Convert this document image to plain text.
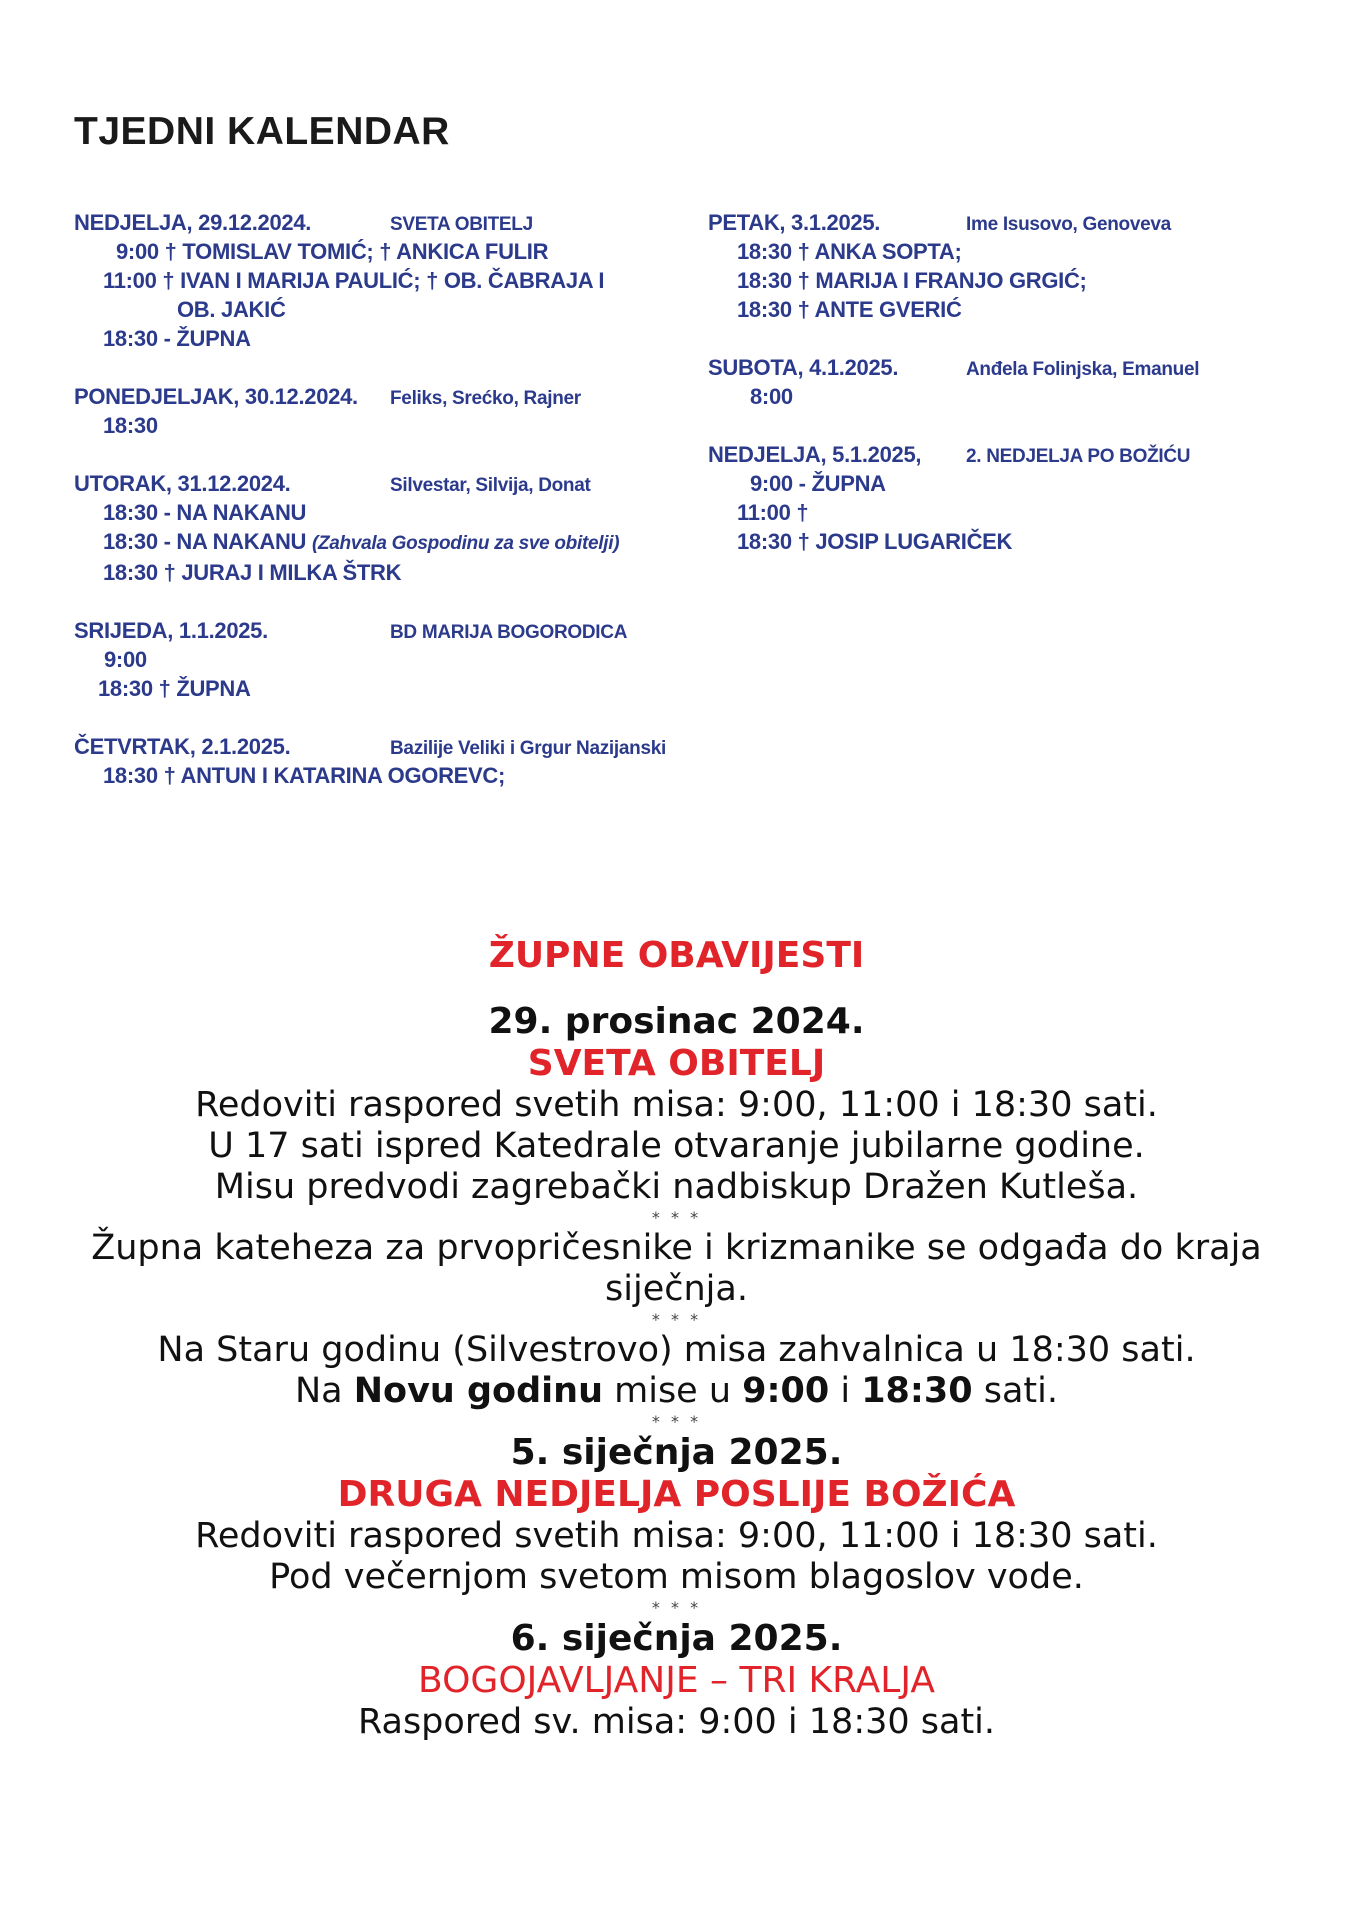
TJEDNI KALENDAR
NEDJELJA, 29.12.2024.	SVETA OBITELJ
9:00 † TOMISLAV TOMIĆ; † ANKICA FULIR
11:00 † IVAN I MARIJA PAULIĆ; † OB. ČABRAJA I
OB. JAKIĆ
18:30 - ŽUPNA
PONEDJELJAK, 30.12.2024. Feliks, Srećko, Rajner
18:30
UTORAK, 31.12.2024.	Silvestar, Silvija, Donat
18:30 - NA NAKANU
18:30 - NA NAKANU (Zahvala Gospodinu za sve obitelji)
18:30 † JURAJ I MILKA ŠTRK
SRIJEDA, 1.1.2025.	BD MARIJA BOGORODICA
9:00
18:30 † ŽUPNA
ČETVRTAK, 2.1.2025.	Bazilije Veliki i Grgur Nazijanski
18:30 † ANTUN I KATARINA OGOREVC;
PETAK, 3.1.2025.	Ime Isusovo, Genoveva
18:30 † ANKA SOPTA;
18:30 † MARIJA I FRANJO GRGIĆ;
18:30 † ANTE GVERIĆ
SUBOTA, 4.1.2025.	Anđela Folinjska, Emanuel
8:00
NEDJELJA, 5.1.2025, 2. NEDJELJA PO BOŽIĆU
9:00 - ŽUPNA
11:00 †
18:30 † JOSIP LUGARIČEK
ŽUPNE OBAVIJESTI
29. prosinac 2024.
SVETA OBITELJ
Redoviti raspored svetih misa: 9:00, 11:00 i 18:30 sati.
U 17 sati ispred Katedrale otvaranje jubilarne godine.
Misu predvodi zagrebački nadbiskup Dražen Kutleša.
* * *
Župna kateheza za prvopričesnike i krizmanike se odgađa do kraja
siječnja.
* * *
Na Staru godinu (Silvestrovo) misa zahvalnica u 18:30 sati.
Na Novu godinu mise u 9:00 i 18:30 sati.
* * *
5. siječnja 2025.
DRUGA NEDJELJA POSLIJE BOŽIĆA
Redoviti raspored svetih misa: 9:00, 11:00 i 18:30 sati.
Pod večernjom svetom misom blagoslov vode.
* * *
6. siječnja 2025.
BOGOJAVLJANJE – TRI KRALJA
Raspored sv. misa: 9:00 i 18:30 sati.
